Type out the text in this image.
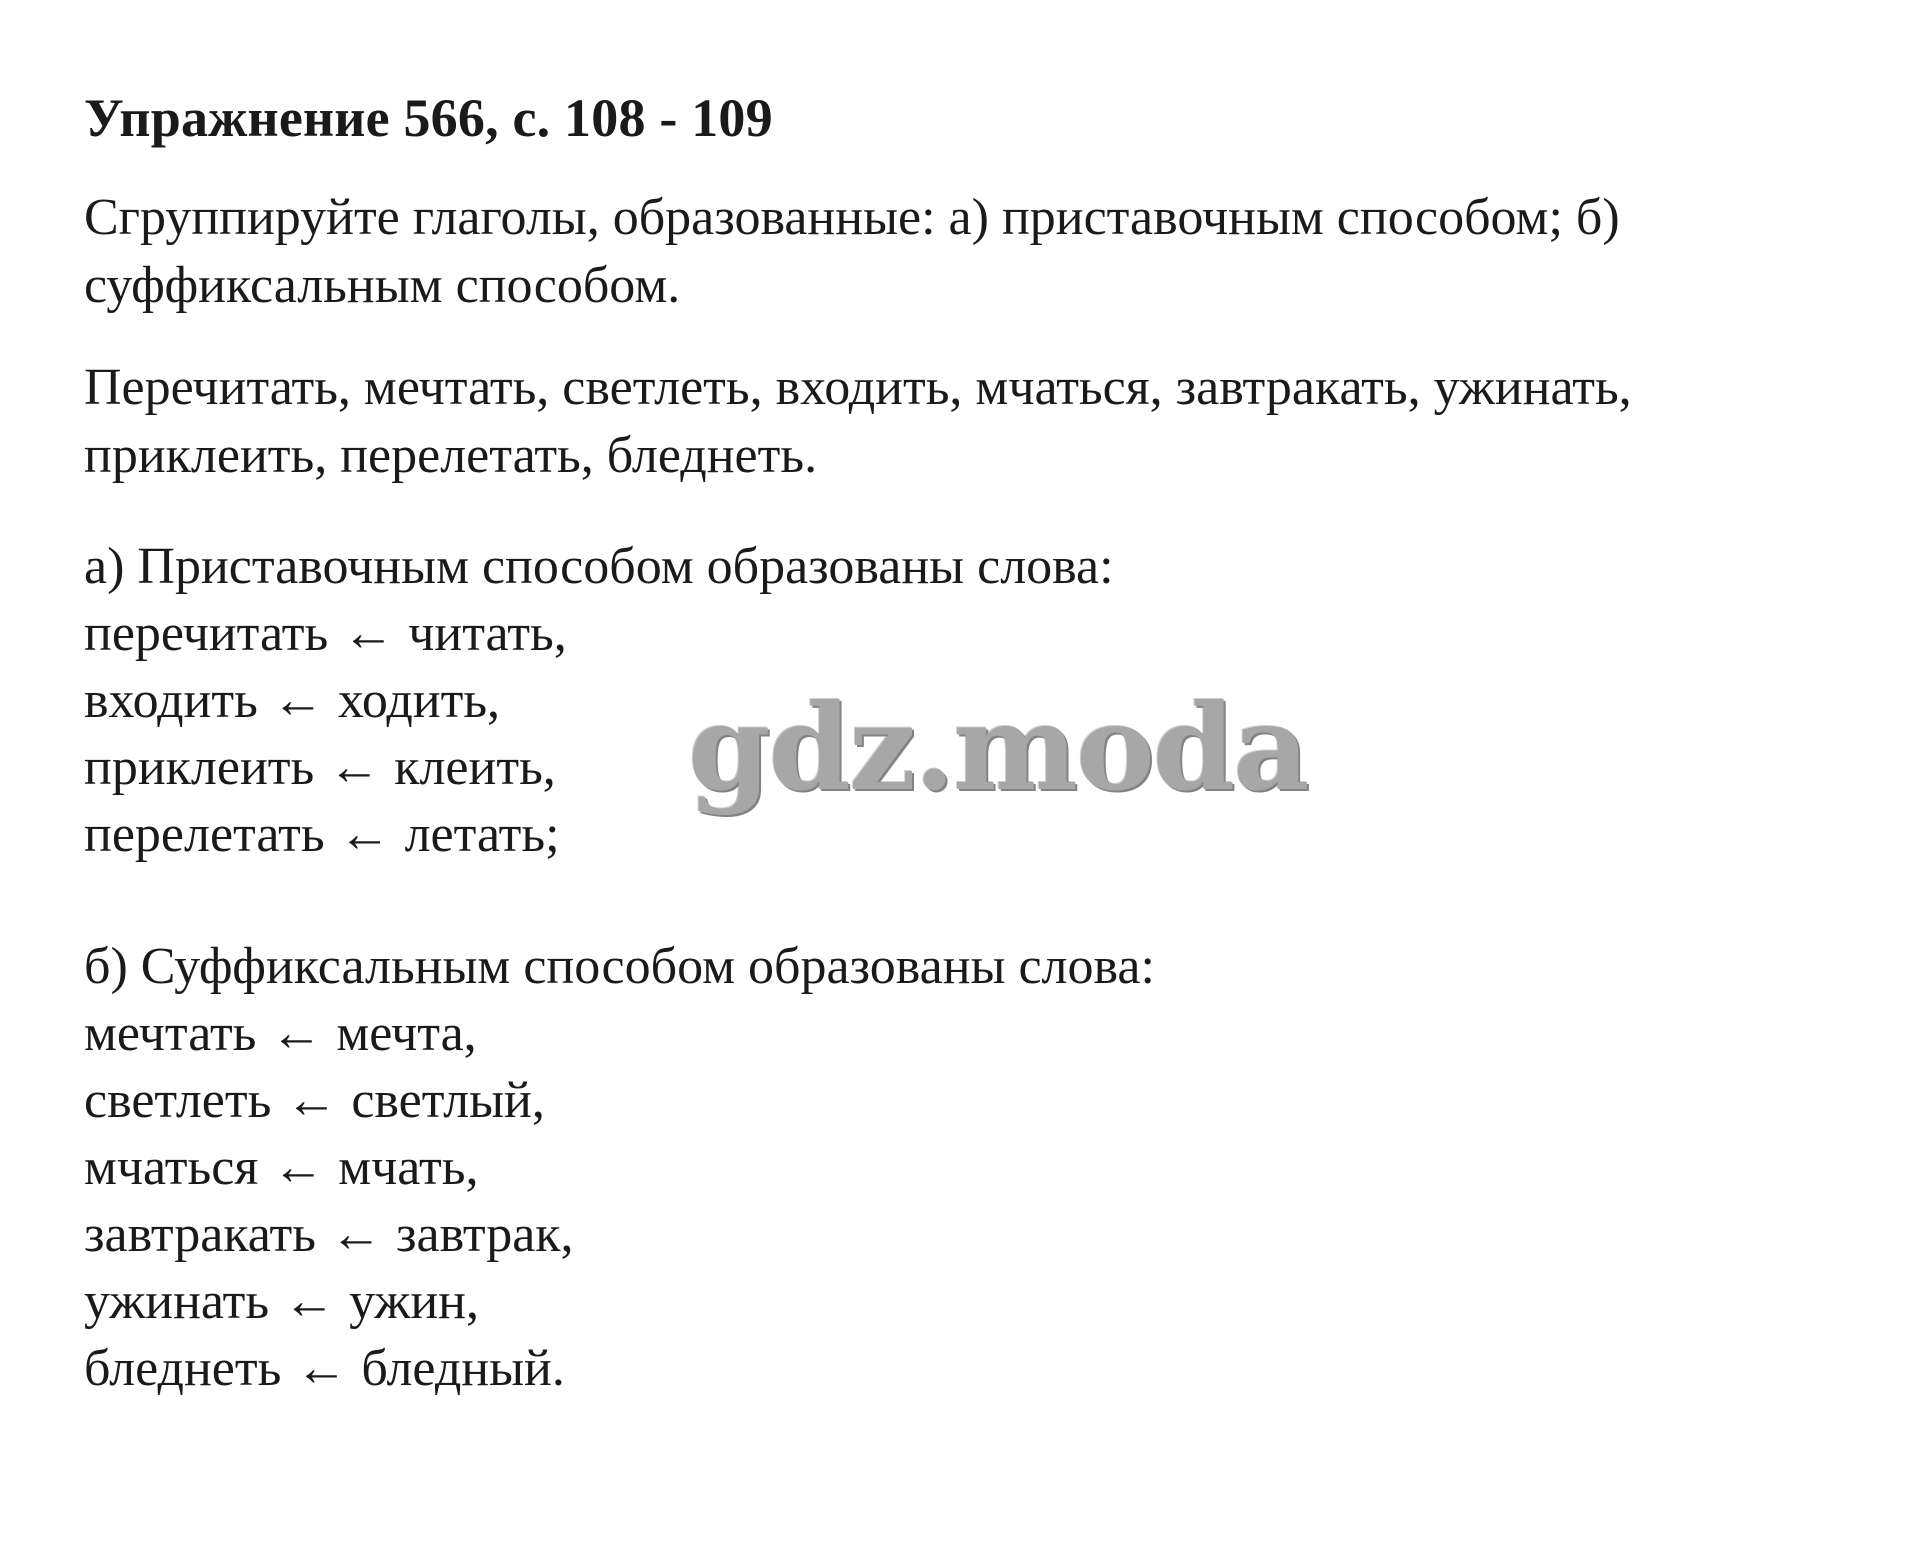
Упражнение 566, с. 108 - 109

Сгруппируйте глаголы, образованные: а) приставочным способом; б) суффиксальным способом.

Перечитать, мечтать, светлеть, входить, мчаться, завтракать, ужинать, приклеить, перелетать, бледнеть.

а) Приставочным способом образованы слова:

перечитать ← читать,
входить ← ходить,
приклеить ← клеить,
перелетать ← летать;

б) Суффиксальным способом образованы слова:

мечтать ← мечта,
светлеть ← светлый,
мчаться ← мчать,
завтракать ← завтрак,
ужинать ← ужин,
бледнеть ← бледный.
gdz.moda
